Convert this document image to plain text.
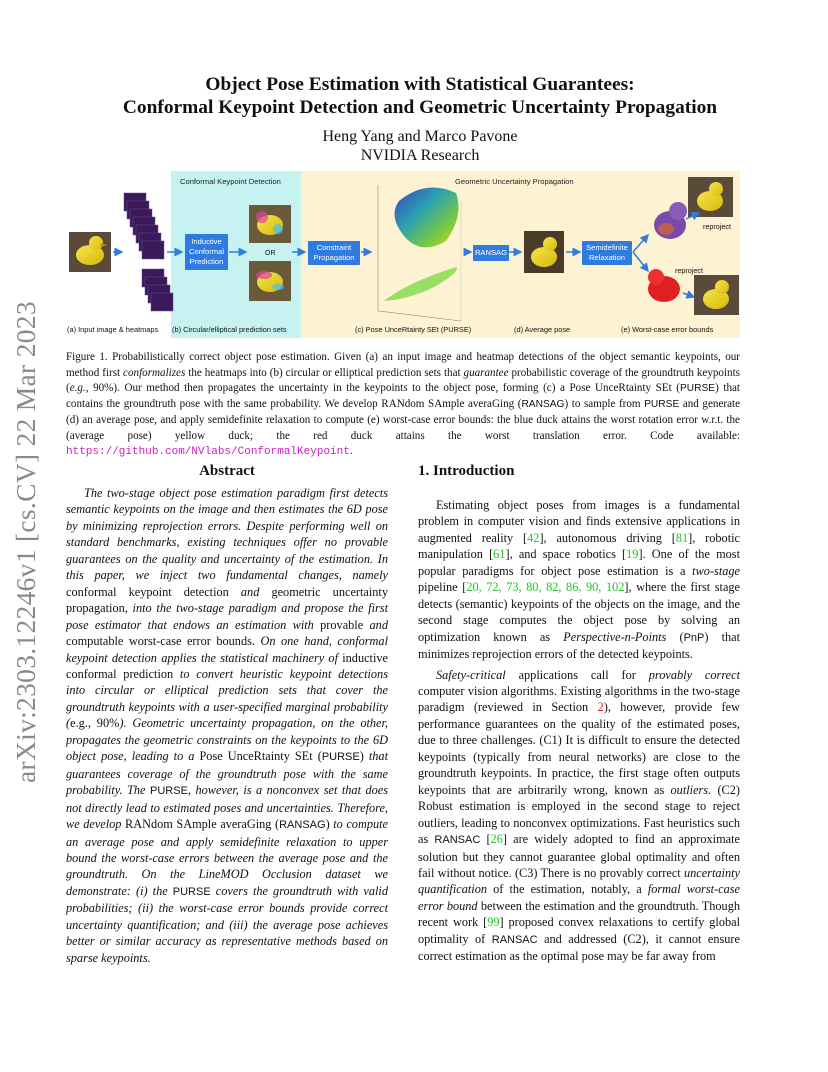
arXiv:2303.12246v1 [cs.CV] 22 Mar 2023
Object Pose Estimation with Statistical Guarantees:
Conformal Keypoint Detection and Geometric Uncertainty Propagation
Heng Yang and Marco Pavone
NVIDIA Research
Conformal Keypoint Detection	Geometric Uncertainty Propagation
Inductive Conformal Prediction
OR
Constraint Propagation
RANSAG
Semidefinite Relaxation
reproject
reproject
(a) Input image & heatmaps (b) Circular/elliptical prediction sets	(c) Pose UnceRtainty SEt (PURSE)	(d) Average pose	(e) Worst-case error bounds
Figure 1. Probabilistically correct object pose estimation. Given (a) an input image and heatmap detections of the object semantic keypoints, our method first conformalizes the heatmaps into (b) circular or elliptical prediction sets that guarantee probabilistic coverage of the groundtruth keypoints (e.g., 90%). Our method then propagates the uncertainty in the keypoints to the object pose, forming (c) a Pose UnceRtainty SEt (PURSE) that contains the groundtruth pose with the same probability. We develop RANdom SAmple averaGing (RANSAG) to sample from PURSE and generate (d) an average pose, and apply semidefinite relaxation to compute (e) worst-case error bounds: the blue duck attains the worst rotation error w.r.t. the (average pose) yellow duck; the red duck attains the worst translation error. Code available: https://github.com/NVlabs/ConformalKeypoint.
Abstract
The two-stage object pose estimation paradigm first detects semantic keypoints on the image and then estimates the 6D pose by minimizing reprojection errors. Despite performing well on standard benchmarks, existing techniques offer no provable guarantees on the quality and uncertainty of the estimation. In this paper, we inject two fundamental changes, namely conformal keypoint detection and geometric uncertainty propagation, into the two-stage paradigm and propose the first pose estimator that endows an estimation with provable and computable worst-case error bounds. On one hand, conformal keypoint detection applies the statistical machinery of inductive conformal prediction to convert heuristic keypoint detections into circular or elliptical prediction sets that cover the groundtruth keypoints with a user-specified marginal probability (e.g., 90%). Geometric uncertainty propagation, on the other, propagates the geometric constraints on the keypoints to the 6D object pose, leading to a Pose UnceRtainty SEt (PURSE) that guarantees coverage of the groundtruth pose with the same probability. The PURSE, however, is a nonconvex set that does not directly lead to estimated poses and uncertainties. Therefore, we develop RANdom SAmple averaGing (RANSAG) to compute an average pose and apply semidefinite relaxation to upper bound the worst-case errors between the average pose and the groundtruth. On the LineMOD Occlusion dataset we demonstrate: (i) the PURSE covers the groundtruth with valid probabilities; (ii) the worst-case error bounds provide correct uncertainty quantification; and (iii) the average pose achieves better or similar accuracy as representative methods based on sparse keypoints.
1. Introduction

Estimating object poses from images is a fundamental problem in computer vision and finds extensive applications in augmented reality [42], autonomous driving [81], robotic manipulation [61], and space robotics [19]. One of the most popular paradigms for object pose estimation is a two-stage pipeline [20, 72, 73, 80, 82, 86, 90, 102], where the first stage detects (semantic) keypoints of the objects on the image, and the second stage computes the object pose by solving an optimization known as Perspective-n-Points (PnP) that minimizes reprojection errors of the detected keypoints.

Safety-critical applications call for provably correct computer vision algorithms. Existing algorithms in the two-stage paradigm (reviewed in Section 2), however, provide few performance guarantees on the quality of the estimated poses, due to three challenges. (C1) It is difficult to ensure the detected keypoints (typically from neural networks) are close to the groundtruth keypoints. In practice, the first stage often outputs keypoints that are arbitrarily wrong, known as outliers. (C2) Robust estimation is employed in the second stage to reject outliers, leading to nonconvex optimizations. Fast heuristics such as RANSAC [26] are widely adopted to find an approximate solution but they cannot guarantee global optimality and often fail without notice. (C3) There is no provably correct uncertainty quantification of the estimation, notably, a formal worst-case error bound between the estimation and the groundtruth. Though recent work [99] proposed convex relaxations to certify global optimality of RANSAC and addressed (C2), it cannot ensure correct estimation as the optimal pose may be far away from
